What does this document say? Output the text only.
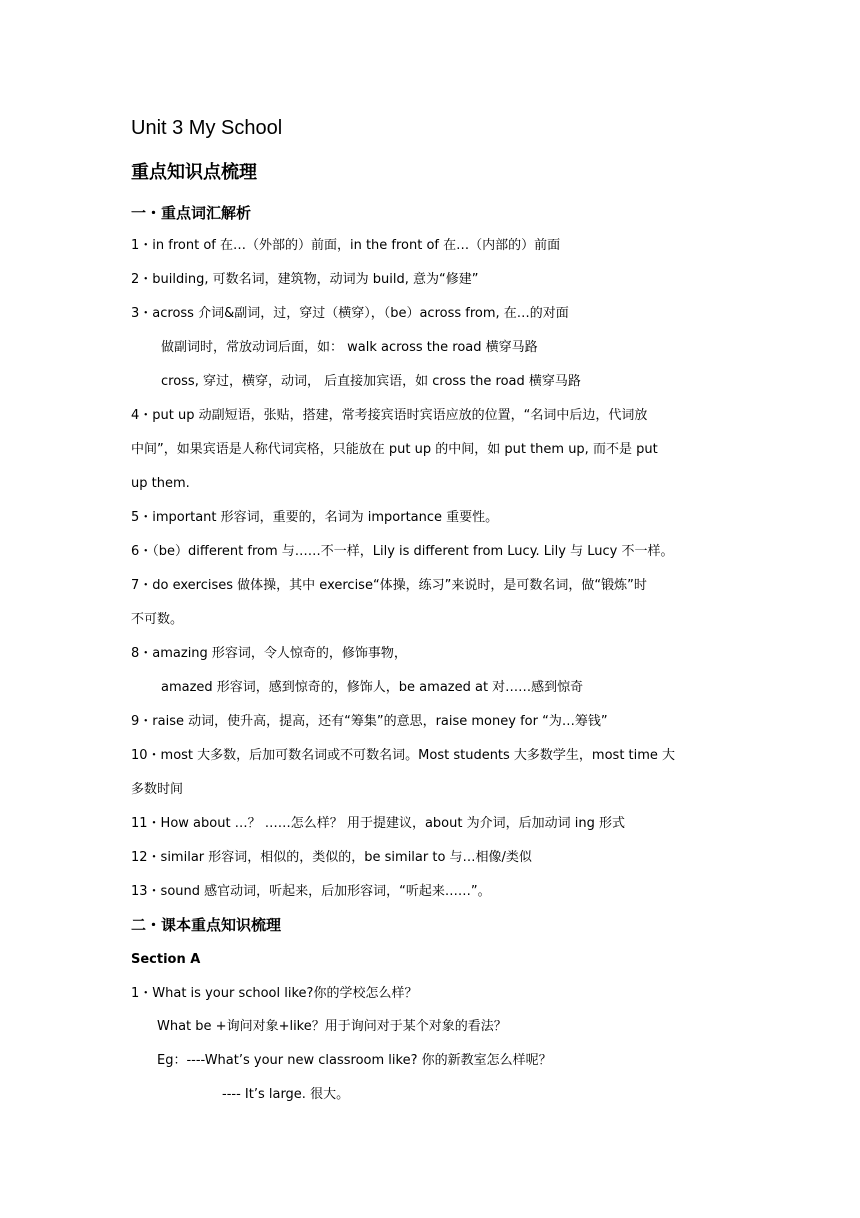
Unit 3 My School
重点知识点梳理
一・重点词汇解析
1・in front of 在…（外部的）前面，in the front of 在…（内部的）前面
2・building, 可数名词，建筑物，动词为 build, 意为“修建”
3・across 介词&副词，过，穿过（横穿），（be）across from, 在…的对面
做副词时，常放动词后面，如： walk across the road 横穿马路
cross, 穿过，横穿，动词， 后直接加宾语，如 cross the road 横穿马路
4・put up 动副短语，张贴，搭建，常考接宾语时宾语应放的位置，“名词中后边，代词放
中间”，如果宾语是人称代词宾格，只能放在 put up 的中间，如 put them up, 而不是 put
up them.
5・important 形容词，重要的，名词为 importance 重要性。
6・（be）different from 与……不一样，Lily is different from Lucy. Lily 与 Lucy 不一样。
7・do exercises 做体操，其中 exercise“体操，练习”来说时，是可数名词，做“锻炼”时
不可数。
8・amazing 形容词，令人惊奇的，修饰事物，
amazed 形容词，感到惊奇的，修饰人，be amazed at 对……感到惊奇
9・raise 动词，使升高，提高，还有“筹集”的意思，raise money for “为…筹钱”
10・most 大多数，后加可数名词或不可数名词。Most students 大多数学生，most time 大
多数时间
11・How about …？ ……怎么样？ 用于提建议，about 为介词，后加动词 ing 形式
12・similar 形容词，相似的，类似的，be similar to 与…相像/类似
13・sound 感官动词，听起来，后加形容词，“听起来……”。
二・课本重点知识梳理
Section A
1・What is your school like?你的学校怎么样？
What be +询问对象+like？用于询问对于某个对象的看法？
Eg：----What’s your new classroom like? 你的新教室怎么样呢？
---- It’s large. 很大。
